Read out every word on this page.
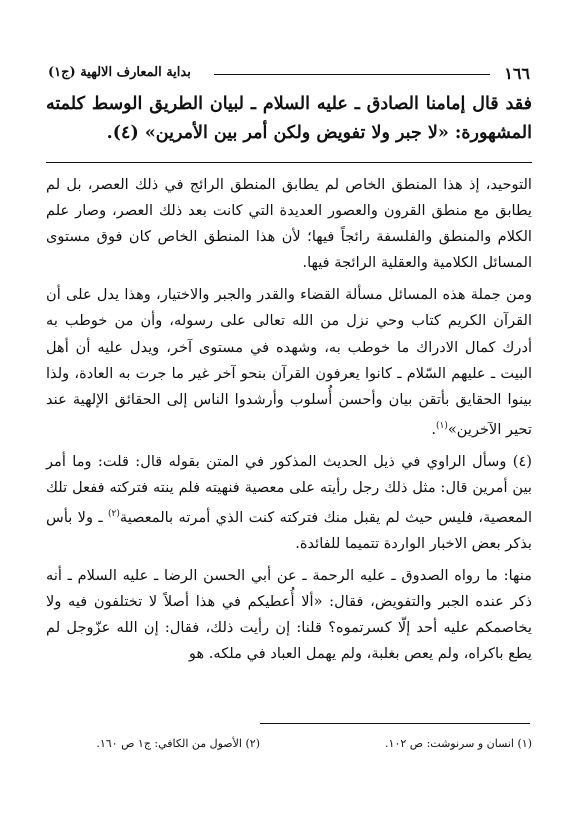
١٦٦
بداية المعارف الالهية (ج١)

فقد قال إمامنا الصادق ـ عليه السلام ـ لبيان الطريق الوسط كلمته المشهورة: «لا جبر ولا تفويض ولكن أمر بين الأمرين» (٤).

التوحيد، إذ هذا المنطق الخاص لم يطابق المنطق الرائج في ذلك العصر، بل لم يطابق مع منطق القرون والعصور العديدة التي كانت بعد ذلك العصر، وصار علم الكلام والمنطق والفلسفة رائجاً فيها؛ لأن هذا المنطق الخاص كان فوق مستوى المسائل الكلامية والعقلية الرائجة فيها.

ومن جملة هذه المسائل مسألة القضاء والقدر والجبر والاختيار، وهذا يدل على أن القرآن الكريم كتاب وحي نزل من الله تعالى على رسوله، وأن من خوطب به أدرك كمال الادراك ما خوطب به، وشهده في مستوى آخر، ويدل عليه أن أهل البيت ـ عليهم السّلام ـ كانوا يعرفون القرآن بنحو آخر غير ما جرت به العادة، ولذا بينوا الحقايق بأتقن بيان وأحسن أُسلوب وأرشدوا الناس إلى الحقائق الإلهية عند تحير الآخرين»$^{(١)}$.

(٤) وسأل الراوي في ذيل الحديث المذكور في المتن بقوله قال: قلت: وما أمر بين أمرين قال: مثل ذلك رجل رأيته على معصية فنهيته فلم ينته فتركته ففعل تلك المعصية، فليس حيث لم يقبل منك فتركته كنت الذي أمرته بالمعصية$^{(٢)}$ ـ ولا بأس بذكر بعض الاخبار الواردة تتميما للفائدة.

منها: ما رواه الصدوق ـ عليه الرحمة ـ عن أبي الحسن الرضا ـ عليه السلام ـ أنه ذكر عنده الجبر والتفويض، فقال: «ألا أُعطيكم في هذا أصلاً لا تختلفون فيه ولا يخاصمكم عليه أحد إلّا كسرتموه؟ قلنا: إن رأيت ذلك، فقال: إن الله عزّوجل لم يطع باكراه، ولم يعص بغلبة، ولم يهمل العباد في ملكه. هو

(١) انسان و سرنوشت: ص ١٠٢.
(٢) الأصول من الكافي: ج١ ص ١٦٠.
